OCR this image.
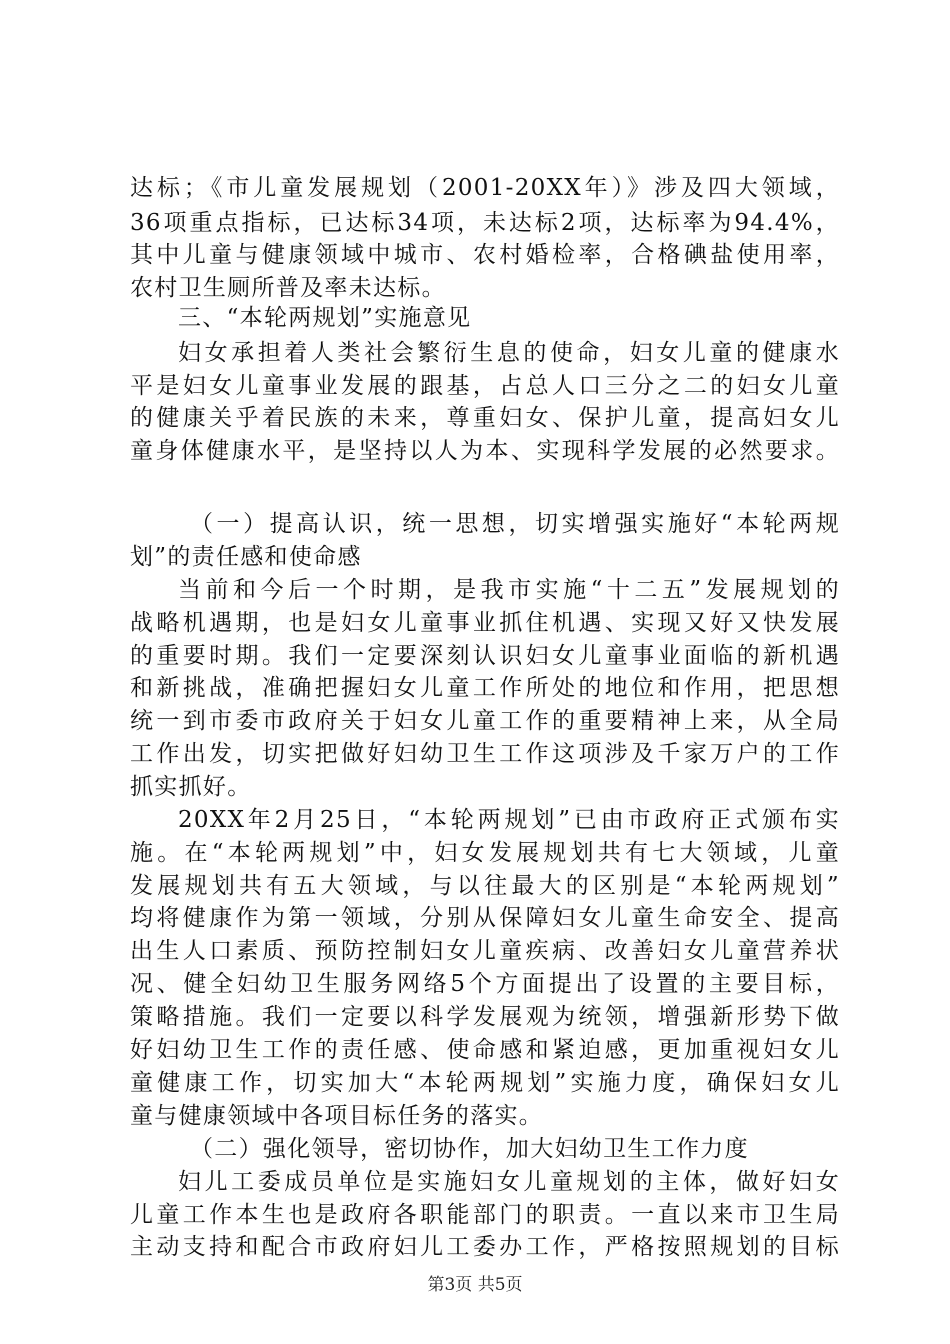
达标；《市儿童发展规划（2001-20XX年）》涉及四大领域，
36项重点指标，已达标34项，未达标2项，达标率为94.4%，
其中儿童与健康领域中城市、农村婚检率，合格碘盐使用率，
农村卫生厕所普及率未达标。
三、“本轮两规划”实施意见
妇女承担着人类社会繁衍生息的使命，妇女儿童的健康水
平是妇女儿童事业发展的跟基，占总人口三分之二的妇女儿童
的健康关乎着民族的未来，尊重妇女、保护儿童，提高妇女儿
童身体健康水平，是坚持以人为本、实现科学发展的必然要求。
（一）提高认识，统一思想，切实增强实施好“本轮两规
划”的责任感和使命感
当前和今后一个时期，是我市实施“十二五”发展规划的
战略机遇期，也是妇女儿童事业抓住机遇、实现又好又快发展
的重要时期。我们一定要深刻认识妇女儿童事业面临的新机遇
和新挑战，准确把握妇女儿童工作所处的地位和作用，把思想
统一到市委市政府关于妇女儿童工作的重要精神上来，从全局
工作出发，切实把做好妇幼卫生工作这项涉及千家万户的工作
抓实抓好。
20XX年2月25日，“本轮两规划”已由市政府正式颁布实
施。在“本轮两规划”中，妇女发展规划共有七大领域，儿童
发展规划共有五大领域，与以往最大的区别是“本轮两规划”
均将健康作为第一领域，分别从保障妇女儿童生命安全、提高
出生人口素质、预防控制妇女儿童疾病、改善妇女儿童营养状
况、健全妇幼卫生服务网络5个方面提出了设置的主要目标，
策略措施。我们一定要以科学发展观为统领，增强新形势下做
好妇幼卫生工作的责任感、使命感和紧迫感，更加重视妇女儿
童健康工作，切实加大“本轮两规划”实施力度，确保妇女儿
童与健康领域中各项目标任务的落实。
（二）强化领导，密切协作，加大妇幼卫生工作力度
妇儿工委成员单位是实施妇女儿童规划的主体，做好妇女
儿童工作本生也是政府各职能部门的职责。一直以来市卫生局
主动支持和配合市政府妇儿工委办工作，严格按照规划的目标
第3页 共5页
